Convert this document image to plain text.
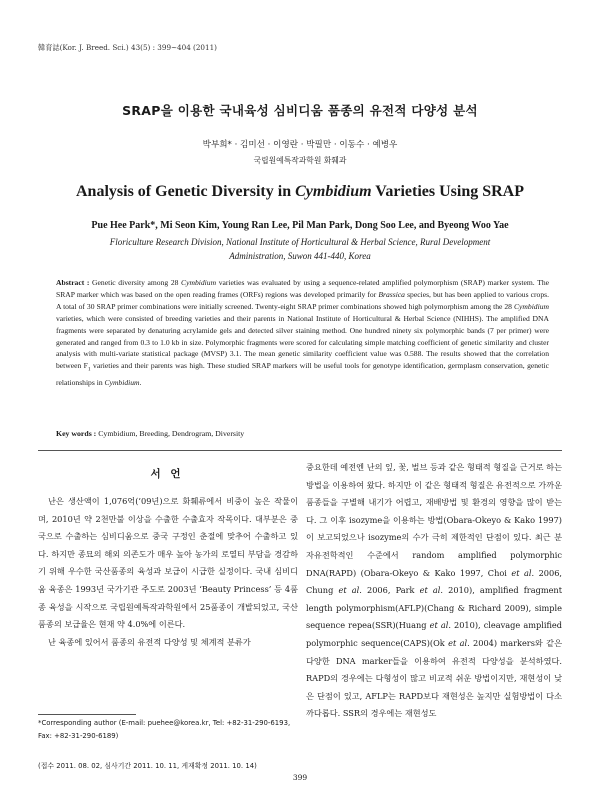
韓育誌(Kor. J. Breed. Sci.) 43(5) : 399~404 (2011)
SRAP을 이용한 국내육성 심비디움 품종의 유전적 다양성 분석
박부희* · 김미선 · 이영란 · 박필만 · 이동수 · 예병우
국립원예특작과학원 화훼과
Analysis of Genetic Diversity in Cymbidium Varieties Using SRAP
Pue Hee Park*, Mi Seon Kim, Young Ran Lee, Pil Man Park, Dong Soo Lee, and Byeong Woo Yae
Floriculture Research Division, National Institute of Horticultural & Herbal Science, Rural Development
Administration, Suwon 441-440, Korea
Abstract : Genetic diversity among 28 Cymbidium varieties was evaluated by using a sequence-related amplified polymorphism (SRAP) marker system. The SRAP marker which was based on the open reading frames (ORFs) regions was developed primarily for Brassica species, but has been applied to various crops. A total of 30 SRAP primer combinations were initially screened. Twenty-eight SRAP primer combinations showed high polymorphism among the 28 Cymbidium varieties, which were consisted of breeding varieties and their parents in National Institute of Horticultural & Herbal Science (NIHHS). The amplified DNA fragments were separated by denaturing acrylamide gels and detected silver staining method. One hundred ninety six polymorphic bands (7 per primer) were generated and ranged from 0.3 to 1.0 kb in size. Polymorphic fragments were scored for calculating simple matching coefficient of genetic similarity and cluster analysis with multi-variate statistical package (MVSP) 3.1. The mean genetic similarity coefficient value was 0.588. The results showed that the correlation between $F_1$ varieties and their parents was high. These studied SRAP markers will be useful tools for genotype identification, germplasm conservation, genetic relationships in Cymbidium.
Key words : Cymbidium, Breeding, Dendrogram, Diversity
서 언

난은 생산액이 1,076억(’09년)으로 화훼류에서 비중이 높은 작물이며, 2010년 약 2천만불 이상을 수출한 수출효자 작목이다. 대부분은 중국으로 수출하는 심비디움으로 중국 구정인 춘절에 맞추어 수출하고 있다. 하지만 종묘의 해외 의존도가 매우 높아 농가의 로열티 부담을 경감하기 위해 우수한 국산품종의 육성과 보급이 시급한 실정이다. 국내 심비디움 육종은 1993년 국가기관 주도로 2003년 ‘Beauty Princess’ 등 4품종 육성을 시작으로 국립원예특작과학원에서 25품종이 개발되었고, 국산 품종의 보급율은 현재 약 4.0%에 이른다.

난 육종에 있어서 품종의 유전적 다양성 및 체계적 분류가

중요한데 예전엔 난의 잎, 꽃, 벌브 등과 같은 형태적 형질을 근거로 하는 방법을 이용하여 왔다. 하지만 이 같은 형태적 형질은 유전적으로 가까운 품종들을 구별해 내기가 어렵고, 재배방법 및 환경의 영향을 많이 받는다. 그 이후 isozyme을 이용하는 방법(Obara-Okeyo & Kako 1997)이 보고되었으나 isozyme의 수가 극히 제한적인 단점이 있다. 최근 분자유전학적인 수준에서 random amplified polymorphic DNA(RAPD) (Obara-Okeyo & Kako 1997, Choi et al. 2006, Chung et al. 2006, Park et al. 2010), amplified fragment length polymorphism(AFLP)(Chang & Richard 2009), simple sequence repea(SSR)(Huang et al. 2010), cleavage amplified polymorphic sequence(CAPS)(Ok et al. 2004) markers와 같은 다양한 DNA marker들을 이용하여 유전적 다양성을 분석하였다. RAPD의 경우에는 다형성이 많고 비교적 쉬운 방법이지만, 재현성이 낮은 단점이 있고, AFLP는 RAPD보다 재현성은 높지만 실험방법이 다소 까다롭다. SSR의 경우에는 재현성도

*Corresponding author (E-mail: puehee@korea.kr, Tel: +82-31-290-6193, Fax: +82-31-290-6189)
(접수 2011. 08. 02, 심사기간 2011. 10. 11, 게재확정 2011. 10. 14)
399
